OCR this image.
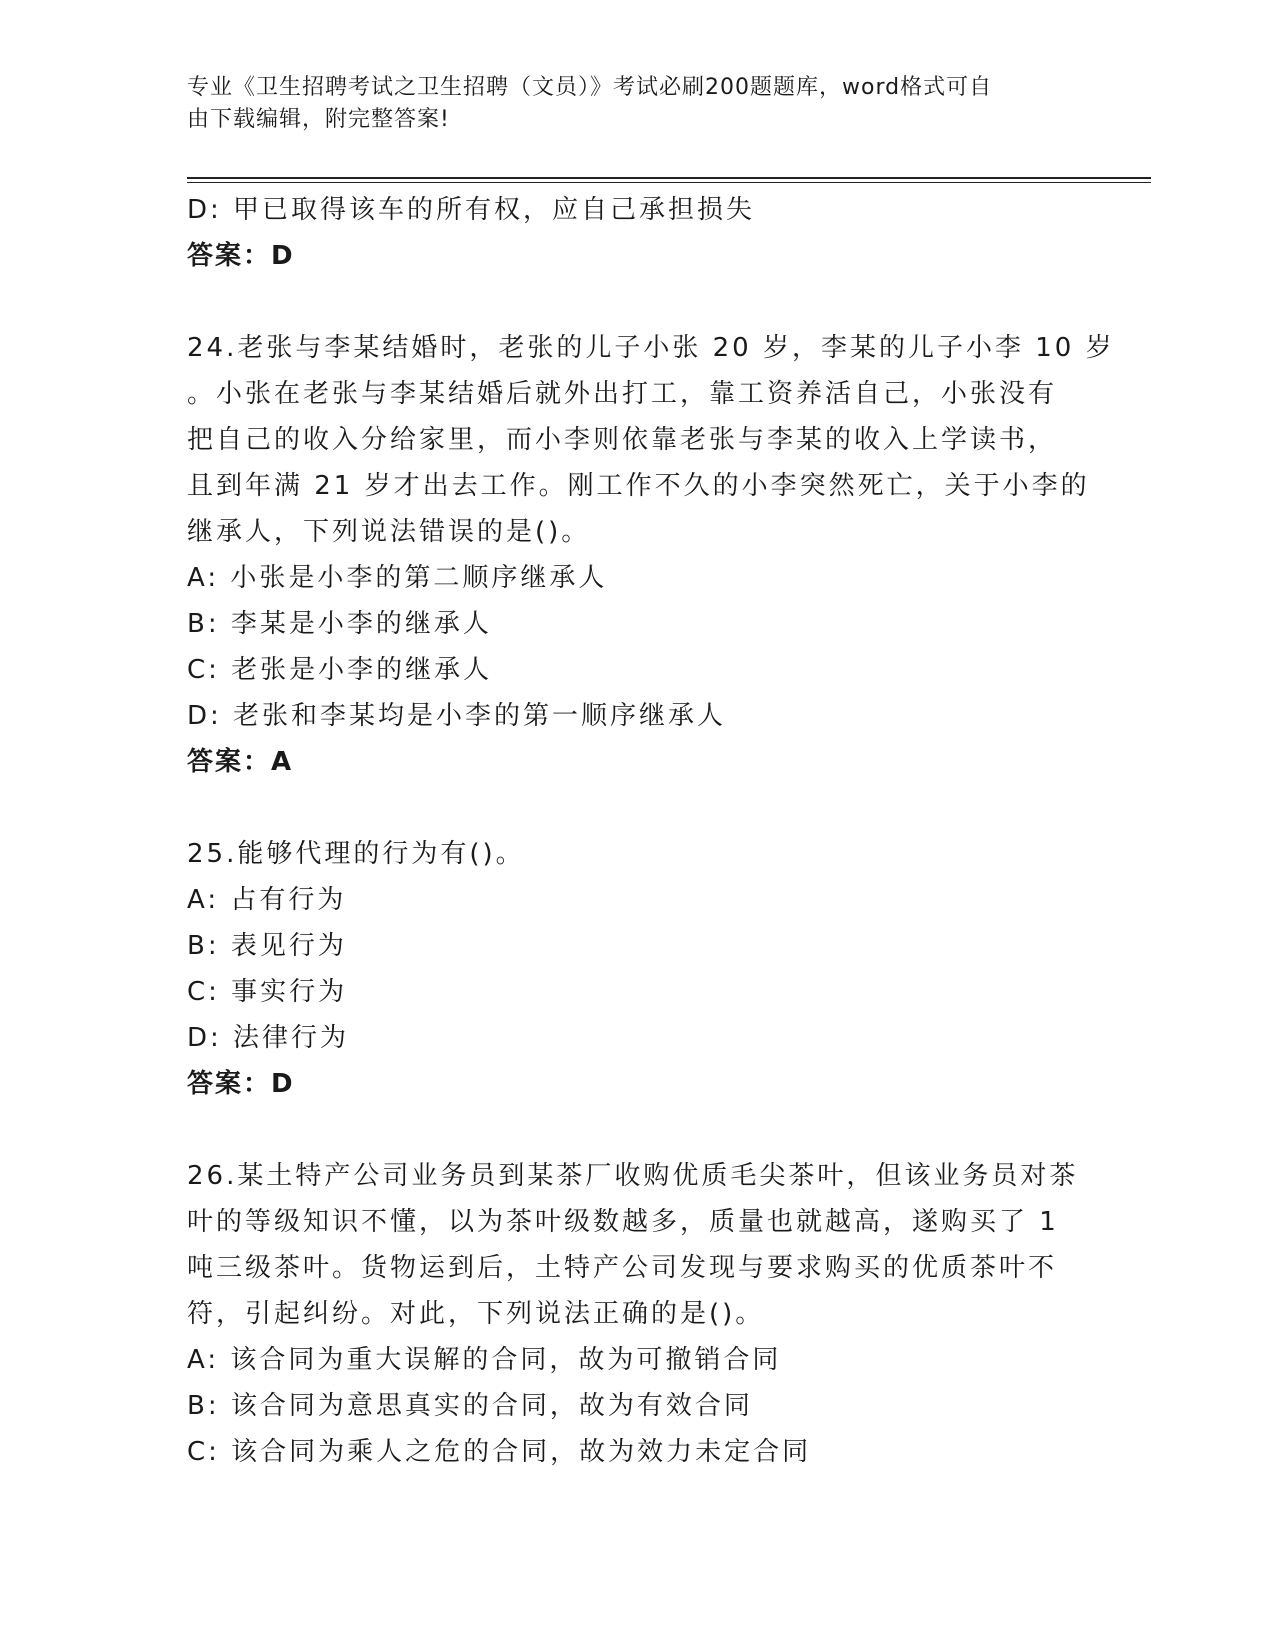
专业《卫生招聘考试之卫生招聘（文员）》考试必刷200题题库，word格式可自
由下载编辑，附完整答案!
D: 甲已取得该车的所有权，应自己承担损失
答案：D
24.老张与李某结婚时，老张的儿子小张 20 岁，李某的儿子小李 10 岁
。小张在老张与李某结婚后就外出打工，靠工资养活自己，小张没有
把自己的收入分给家里，而小李则依靠老张与李某的收入上学读书，
且到年满 21 岁才出去工作。刚工作不久的小李突然死亡，关于小李的
继承人，下列说法错误的是()。
A: 小张是小李的第二顺序继承人
B: 李某是小李的继承人
C: 老张是小李的继承人
D: 老张和李某均是小李的第一顺序继承人
答案：A
25.能够代理的行为有()。
A: 占有行为
B: 表见行为
C: 事实行为
D: 法律行为
答案：D
26.某土特产公司业务员到某茶厂收购优质毛尖茶叶，但该业务员对茶
叶的等级知识不懂，以为茶叶级数越多，质量也就越高，遂购买了 1
吨三级茶叶。货物运到后，土特产公司发现与要求购买的优质茶叶不
符，引起纠纷。对此，下列说法正确的是()。
A: 该合同为重大误解的合同，故为可撤销合同
B: 该合同为意思真实的合同，故为有效合同
C: 该合同为乘人之危的合同，故为效力未定合同
